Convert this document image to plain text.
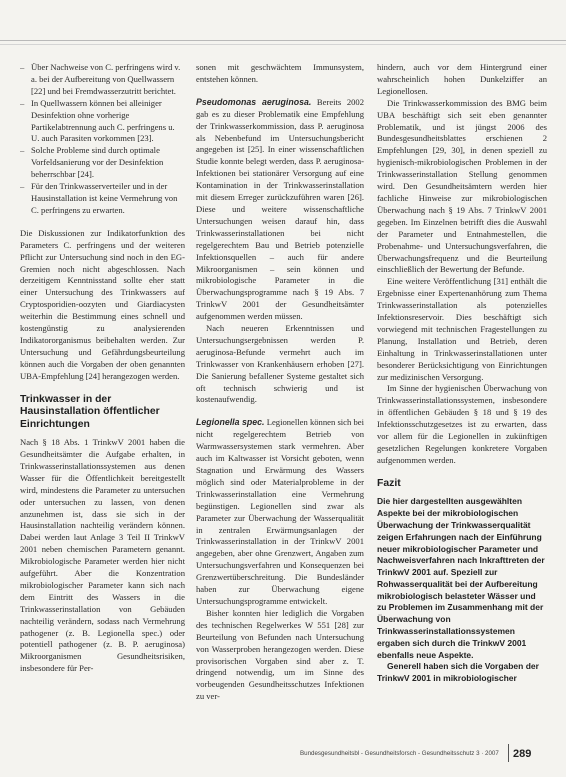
– Über Nachweise von C. perfringens wird v. a. bei der Aufbereitung von Quellwassern [22] und bei Fremdwasserzutritt berichtet.

– In Quellwassern können bei alleiniger Desinfektion ohne vorherige Partikelabtrennung auch C. perfringens u. U. auch Parasiten vorkommen [23].

– Solche Probleme sind durch optimale Vorfeldsanierung vor der Desinfektion beherrschbar [24].

– Für den Trinkwasserverteiler und in der Hausinstallation ist keine Vermehrung von C. perfringens zu erwarten.

Die Diskussionen zur Indikatorfunktion des Parameters C. perfringens und der weiteren Pflicht zur Untersuchung sind noch in den EG-Gremien noch nicht abgeschlossen. Nach derzeitigem Kenntnisstand sollte eher statt einer Untersuchung des Trinkwassers auf Cryptosporidien-oozyten und Giardiacysten weiterhin die Bestimmung eines schnell und kostengünstig zu analysierenden Indikatororganismus beibehalten werden. Zur Untersuchung und Gefährdungsbeurteilung können auch die Vorgaben der oben genannten UBA-Empfehlung [24] herangezogen werden.

Trinkwasser in der Hausinstallation öffentlicher Einrichtungen

Nach § 18 Abs. 1 TrinkwV 2001 haben die Gesundheitsämter die Aufgabe erhalten, in Trinkwasserinstallationssystemen aus denen Wasser für die Öffentlichkeit bereitgestellt wird, mindestens die Parameter zu untersuchen oder untersuchen zu lassen, von denen anzunehmen ist, dass sie sich in der Hausinstallation nachteilig verändern können. Dabei werden laut Anlage 3 Teil II TrinkwV 2001 neben chemischen Parametern genannt. Mikrobiologische Parameter werden hier nicht aufgeführt. Aber die Konzentration mikrobiologischer Parameter kann sich nach dem Eintritt des Wassers in die Trinkwasserinstallation von Gebäuden nachteilig verändern, sodass nach Vermehrung pathogener (z. B. Legionella spec.) oder potentiell pathogener (z. B. P. aeruginosa) Mikroorganismen Gesundheitsrisiken, insbesondere für Per-

sonen mit geschwächtem Immunsystem, entstehen können.

Pseudomonas aeruginosa. Bereits 2002 gab es zu dieser Problematik eine Empfehlung der Trinkwasserkommission, dass P. aeruginosa als Nebenbefund im Untersuchungsbericht angegeben ist [25]. In einer wissenschaftlichen Studie konnte belegt werden, dass P. aeruginosa-Infektionen bei stationärer Versorgung auf eine Kontamination in der Trinkwasserinstallation mit diesem Erreger zurückzuführen waren [26]. Diese und weitere wissenschaftliche Untersuchungen weisen darauf hin, dass Trinkwasserinstallationen bei nicht regelgerechtem Bau und Betrieb potenzielle Infektionsquellen – auch für andere Mikroorganismen – sein können und mikrobiologische Parameter in die Überwachungsprogramme nach § 19 Abs. 7 TrinkwV 2001 der Gesundheitsämter aufgenommen werden müssen.

Nach neueren Erkenntnissen und Untersuchungsergebnissen werden P. aeruginosa-Befunde vermehrt auch im Trinkwasser von Krankenhäusern erhoben [27]. Die Sanierung befallener Systeme gestaltet sich oft technisch schwierig und ist kostenaufwendig.

Legionella spec. Legionellen können sich bei nicht regelgerechtem Betrieb von Warmwassersystemen stark vermehren. Aber auch im Kaltwasser ist Vorsicht geboten, wenn Stagnation und Erwärmung des Wassers möglich sind oder Materialprobleme in der Trinkwasserinstallation eine Vermehrung begünstigen. Legionellen sind zwar als Parameter zur Überwachung der Wasserqualität in zentralen Erwärmungsanlagen der Trinkwasserinstallation in der TrinkwV 2001 angegeben, aber ohne Grenzwert, Angaben zum Untersuchungsverfahren und Konsequenzen bei Grenzwertüberschreitung. Die Bundesländer haben zur Überwachung eigene Untersuchungsprogramme entwickelt.

Bisher konnten hier lediglich die Vorgaben des technischen Regelwerkes W 551 [28] zur Beurteilung von Befunden nach Untersuchung von Wasserproben herangezogen werden. Diese provisorischen Vorgaben sind aber z. T. dringend notwendig, um im Sinne des vorbeugenden Gesundheitsschutzes Infektionen zu ver-

hindern, auch vor dem Hintergrund einer wahrscheinlich hohen Dunkelziffer an Legionellosen.

Die Trinkwasserkommission des BMG beim UBA beschäftigt sich seit eben genannter Problematik, und ist jüngst 2006 des Bundesgesundheitsblattes erschienen 2 Empfehlungen [29, 30], in denen speziell zu hygienisch-mikrobiologischen Problemen in der Trinkwasserinstallation Stellung genommen wird. Den Gesundheitsämtern werden hier fachliche Hinweise zur mikrobiologischen Überwachung nach § 19 Abs. 7 TrinkwV 2001 gegeben. Im Einzelnen betrifft dies die Auswahl der Parameter und Entnahmestellen, die Probenahme- und Untersuchungsverfahren, die Überwachungsfrequenz und die Beurteilung einschließlich der Bewertung der Befunde.

Eine weitere Veröffentlichung [31] enthält die Ergebnisse einer Expertenanhörung zum Thema Trinkwasserinstallation als potenzielles Infektionsreservoir. Dies beschäftigt sich vorwiegend mit technischen Fragestellungen zu Planung, Installation und Betrieb, deren Einhaltung in Trinkwasserinstallationen unter besonderer Berücksichtigung von Einrichtungen zur medizinischen Versorgung.

Im Sinne der hygienischen Überwachung von Trinkwasserinstallationssystemen, insbesondere in öffentlichen Gebäuden § 18 und § 19 des Infektionsschutzgesetzes ist zu erwarten, dass vor allem für die Legionellen in zukünftigen gesetzlichen Regelungen konkretere Vorgaben aufgenommen werden.

Fazit

Die hier dargestellten ausgewählten Aspekte bei der mikrobiologischen Überwachung der Trinkwasserqualität zeigen Erfahrungen nach der Einführung neuer mikrobiologischer Parameter und Nachweisverfahren nach Inkrafttreten der TrinkwV 2001 auf. Speziell zur Rohwasserqualität bei der Aufbereitung mikrobiologisch belasteter Wässer und zu Problemen im Zusammenhang mit der Überwachung von Trinkwasserinstallationssystemen ergaben sich durch die TrinkwV 2001 ebenfalls neue Aspekte.

Generell haben sich die Vorgaben der TrinkwV 2001 in mikrobiologischer

Bundesgesundheitsbl - Gesundheitsforsch - Gesundheitsschutz 3 · 2007 289
